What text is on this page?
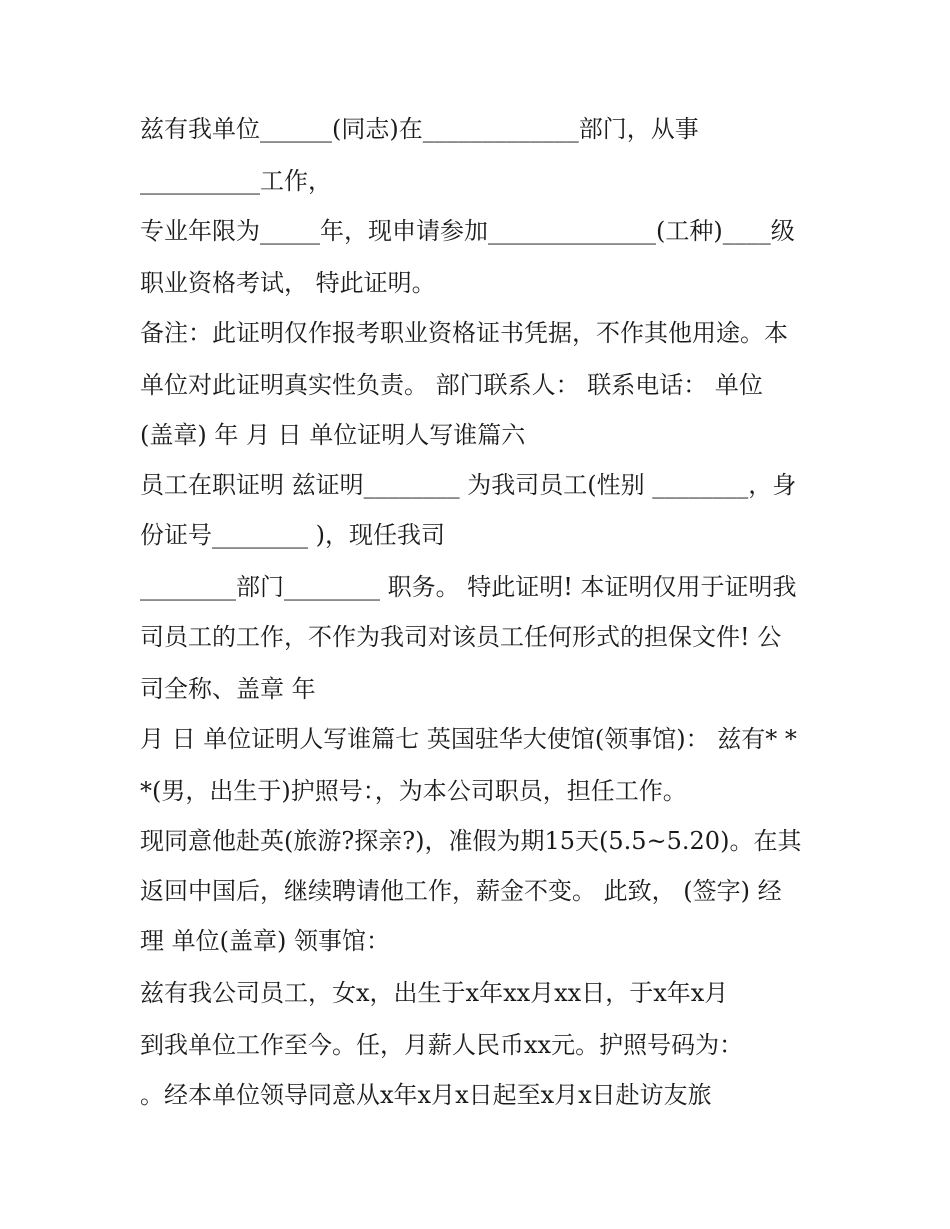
兹有我单位______(同志)在_____________部门，从事
__________工作，
专业年限为_____年，现申请参加______________(工种)____级
职业资格考试， 特此证明。
备注：此证明仅作报考职业资格证书凭据，不作其他用途。本
单位对此证明真实性负责。 部门联系人： 联系电话： 单位
(盖章) 年 月 日 单位证明人写谁篇六
员工在职证明 兹证明________ 为我司员工(性别 ________，身
份证号________ )，现任我司
________部门________ 职务。 特此证明! 本证明仅用于证明我
司员工的工作，不作为我司对该员工任何形式的担保文件! 公
司全称、盖章 年
月 日 单位证明人写谁篇七 英国驻华大使馆(领事馆)： 兹有* *
*(男，出生于)护照号：，为本公司职员，担任工作。
现同意他赴英(旅游?探亲?)，准假为期15天(5.5~5.20)。在其
返回中国后，继续聘请他工作，薪金不变。 此致， (签字) 经
理 单位(盖章) 领事馆：
兹有我公司员工，女x，出生于x年xx月xx日，于x年x月
到我单位工作至今。任，月薪人民币xx元。护照号码为：
。经本单位领导同意从x年x月x日起至x月x日赴访友旅
